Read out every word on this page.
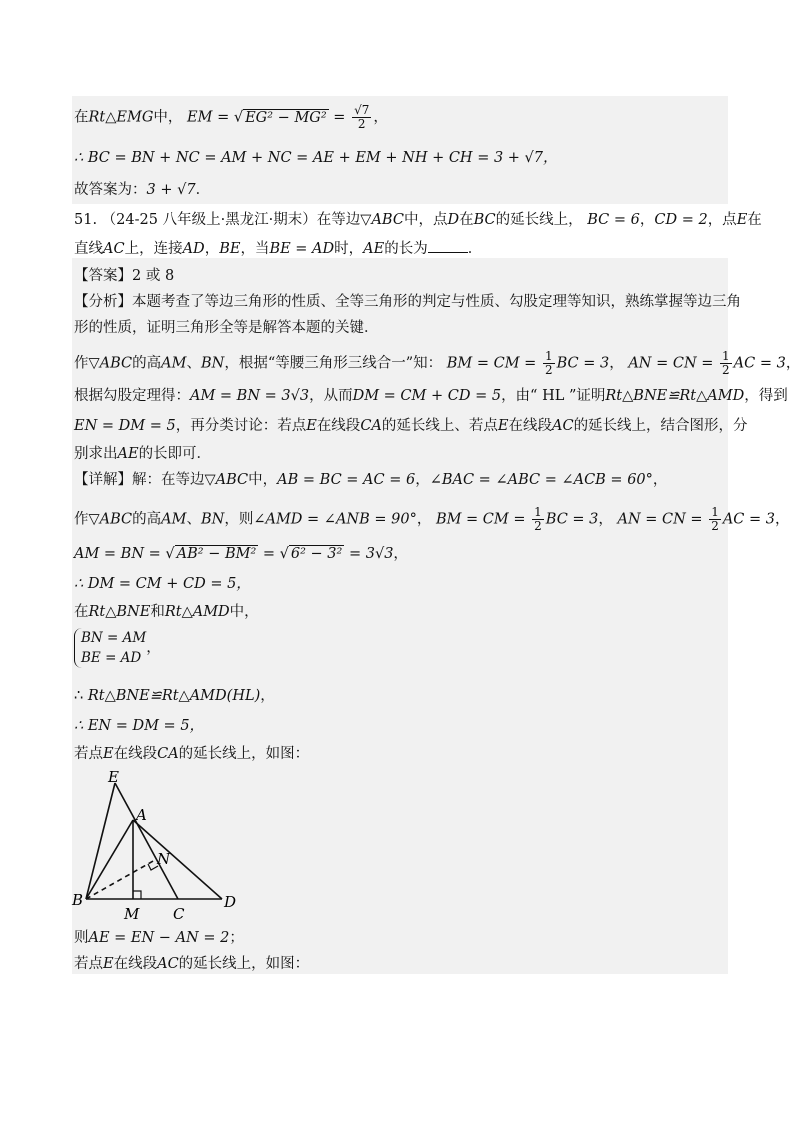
在Rt△EMG中， EM = √ $EG^2 - MG^2 = \frac{√7}{2}$ ，
∴ BC = BN + NC = AM + NC = AE + EM + NH + CH = 3 + √7，
故答案为：3 + √7．
51. （24-25 八年级上·黑龙江·期末）在等边▽ABC中，点D在BC的延长线上， BC = 6，CD = 2，点E在
直线AC上，连接AD，BE，当BE = AD时，AE的长为	．
【答案】2 或 8
【分析】本题考查了等边三角形的性质、全等三角形的判定与性质、勾股定理等知识，熟练掌握等边三角
形的性质，证明三角形全等是解答本题的关键．
作▽ABC的高AM、BN，根据“等腰三角形三线合一”知： BM = CM = $\frac{1}{2}$ BC = 3， AN = CN = $\frac{1}{2}$ AC = 3，
根据勾股定理得：AM = BN = 3√3，从而DM = CM + CD = 5，由“ HL ”证明Rt△BNE≌Rt△AMD，得到
EN = DM = 5，再分类讨论：若点E在线段CA的延长线上、若点E在线段AC的延长线上，结合图形，分
别求出AE的长即可．
【详解】解：在等边▽ABC中，AB = BC = AC = 6，∠BAC = ∠ABC = ∠ACB = 60°，
作▽ABC的高AM、BN，则∠AMD = ∠ANB = 90°， BM = CM = $\frac{1}{2}$ BC = 3， AN = CN = $\frac{1}{2}$ AC = 3，
AM = BN = √ AB² − BM² = √ 6² − 3² = 3√3，
∴ DM = CM + CD = 5，
在Rt△BNE和Rt△AMD中，
BN = AM
BE = AD，
∴ Rt△BNE≌Rt△AMD(HL)，
∴ EN = DM = 5，
若点E在线段CA的延长线上，如图：
E
A
N
B
M C
D
则AE = EN − AN = 2；
若点E在线段AC的延长线上，如图：
